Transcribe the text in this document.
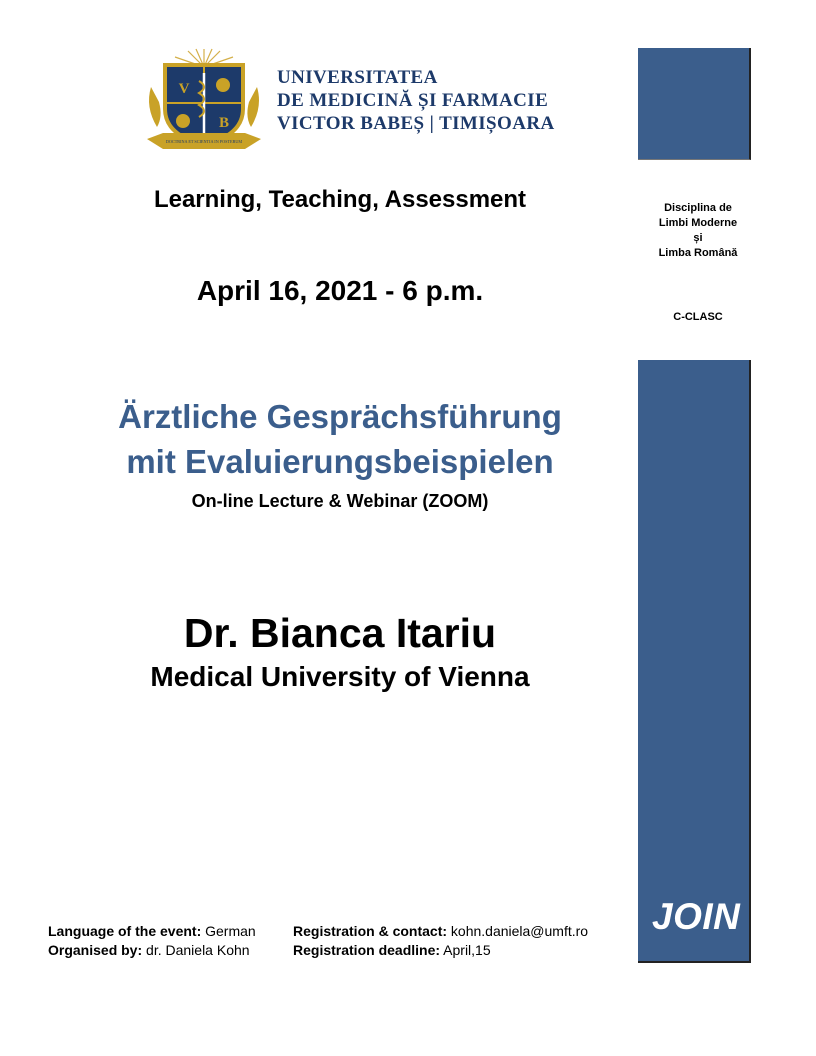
V
B
DOCTRINA ET SCIENTIA IN POSTERUM
UNIVERSITATEA
DE MEDICINĂ ȘI FARMACIE
VICTOR BABEȘ | TIMIȘOARA
Learning, Teaching, Assessment
April 16, 2021 - 6 p.m.
Ärztliche Gesprächsführung
mit Evaluierungsbeispielen
On-line Lecture & Webinar (ZOOM)
Dr. Bianca Itariu
Medical University of Vienna
Disciplina de
Limbi Moderne
și
Limba Română
C-CLASC
JOIN
Language of the event: German
Organised by: dr. Daniela Kohn
Registration & contact: kohn.daniela@umft.ro
Registration deadline: April,15
